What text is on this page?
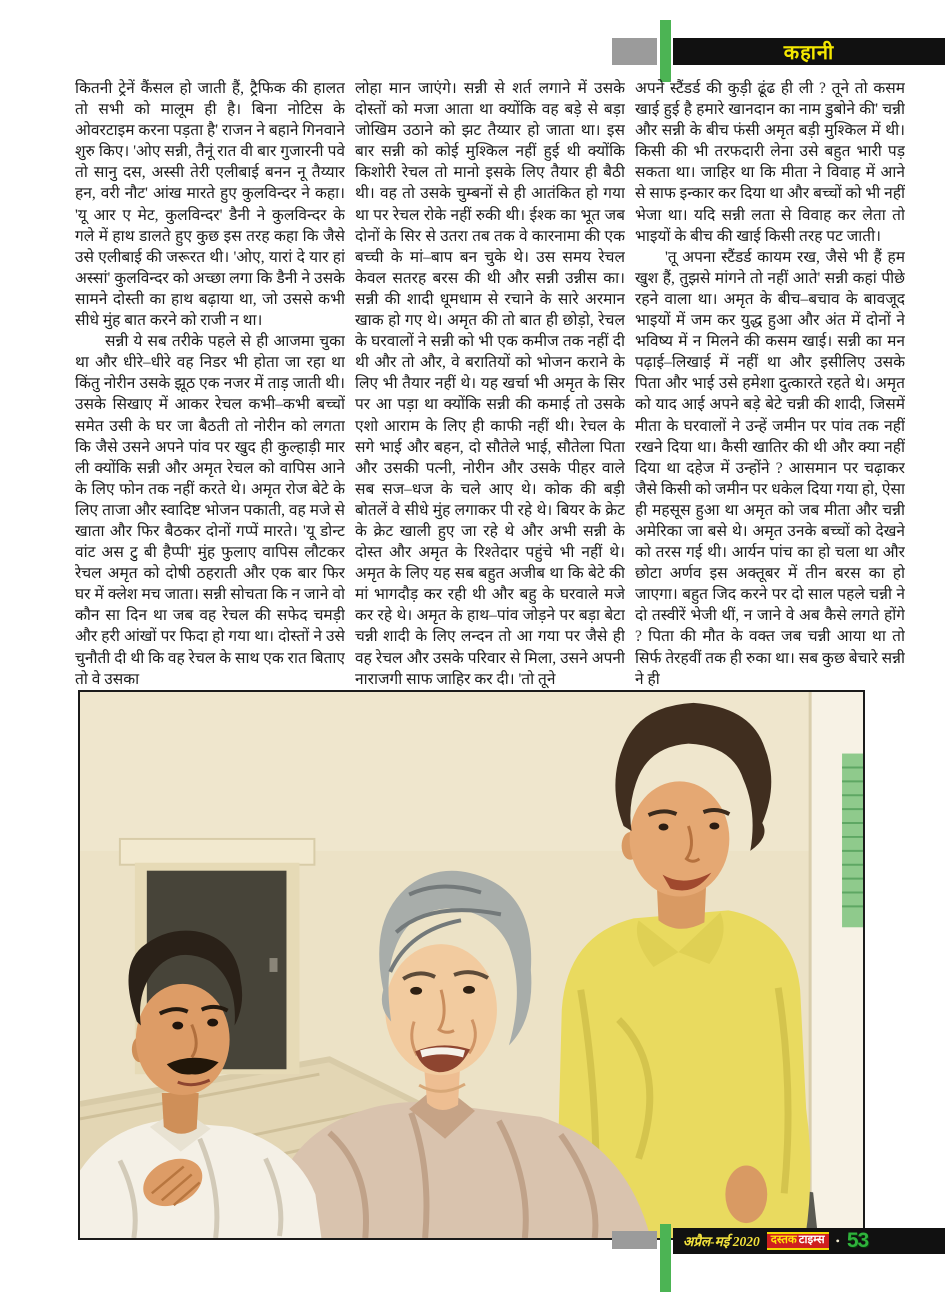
कहानी

कितनी ट्रेनें कैंसल हो जाती हैं, ट्रैफिक की हालत तो सभी को मालूम ही है। बिना नोटिस के ओवरटाइम करना पड़ता है' राजन ने बहाने गिनवाने शुरु किए। 'ओए सन्नी, तैनूं रात वी बार गुजारनी पवे तो सानु दस, अस्सी तेरी एलीबाई बनन नू तैय्यार हन, वरी नौट' आंख मारते हुए कुलविन्दर ने कहा। 'यू आर ए मेट, कुलविन्दर' डैनी ने कुलविन्दर के गले में हाथ डालते हुए कुछ इस तरह कहा कि जैसे उसे एलीबाई की जरूरत थी। 'ओए, यारां दे यार हां अस्सां' कुलविन्दर को अच्छा लगा कि डैनी ने उसके सामने दोस्ती का हाथ बढ़ाया था, जो उससे कभी सीधे मुंह बात करने को राजी न था।

सन्नी ये सब तरीके पहले से ही आजमा चुका था और धीरे–धीरे वह निडर भी होता जा रहा था किंतु नोरीन उसके झूठ एक नजर में ताड़ जाती थी। उसके सिखाए में आकर रेचल कभी–कभी बच्चों समेत उसी के घर जा बैठती तो नोरीन को लगता कि जैसे उसने अपने पांव पर खुद ही कुल्हाड़ी मार ली क्योंकि सन्नी और अमृत रेचल को वापिस आने के लिए फोन तक नहीं करते थे। अमृत रोज बेटे के लिए ताजा और स्वादिष्ट भोजन पकाती, वह मजे से खाता और फिर बैठकर दोनों गप्पें मारते। 'यू डोन्ट वांट अस टु बी हैप्पी' मुंह फुलाए वापिस लौटकर रेचल अमृत को दोषी ठहराती और एक बार फिर घर में क्लेश मच जाता। सन्नी सोचता कि न जाने वो कौन सा दिन था जब वह रेचल की सफेद चमड़ी और हरी आंखों पर फिदा हो गया था। दोस्तों ने उसे चुनौती दी थी कि वह रेचल के साथ एक रात बिताए तो वे उसका

लोहा मान जाएंगे। सन्नी से शर्त लगाने में उसके दोस्तों को मजा आता था क्योंकि वह बड़े से बड़ा जोखिम उठाने को झट तैय्यार हो जाता था। इस बार सन्नी को कोई मुश्किल नहीं हुई थी क्योंकि किशोरी रेचल तो मानो इसके लिए तैयार ही बैठी थी। वह तो उसके चुम्बनों से ही आतंकित हो गया था पर रेचल रोके नहीं रुकी थी। ईश्क का भूत जब दोनों के सिर से उतरा तब तक वे कारनामा की एक बच्ची के मां–बाप बन चुके थे। उस समय रेचल केवल सतरह बरस की थी और सन्नी उन्नीस का। सन्नी की शादी धूमधाम से रचाने के सारे अरमान खाक हो गए थे। अमृत की तो बात ही छोड़ो, रेचल के घरवालों ने सन्नी को भी एक कमीज तक नहीं दी थी और तो और, वे बरातियों को भोजन कराने के लिए भी तैयार नहीं थे। यह खर्चा भी अमृत के सिर पर आ पड़ा था क्योंकि सन्नी की कमाई तो उसके एशो आराम के लिए ही काफी नहीं थी। रेचल के सगे भाई और बहन, दो सौतेले भाई, सौतेला पिता और उसकी पत्नी, नोरीन और उसके पीहर वाले सब सज–धज के चले आए थे। कोक की बड़ी बोतलें वे सीधे मुंह लगाकर पी रहे थे। बियर के क्रेट के क्रेट खाली हुए जा रहे थे और अभी सन्नी के दोस्त और अमृत के रिश्तेदार पहुंचे भी नहीं थे। अमृत के लिए यह सब बहुत अजीब था कि बेटे की मां भागदौड़ कर रही थी और बहु के घरवाले मजे कर रहे थे। अमृत के हाथ–पांव जोड़ने पर बड़ा बेटा चन्नी शादी के लिए लन्दन तो आ गया पर जैसे ही वह रेचल और उसके परिवार से मिला, उसने अपनी नाराजगी साफ जाहिर कर दी। 'तो तूने

अपने स्टैंडर्ड की कुड़ी ढूंढ ही ली ? तूने तो कसम खाई हुई है हमारे खानदान का नाम डुबोने की' चन्नी और सन्नी के बीच फंसी अमृत बड़ी मुश्किल में थी। किसी की भी तरफदारी लेना उसे बहुत भारी पड़ सकता था। जाहिर था कि मीता ने विवाह में आने से साफ इन्कार कर दिया था और बच्चों को भी नहीं भेजा था। यदि सन्नी लता से विवाह कर लेता तो भाइयों के बीच की खाई किसी तरह पट जाती।

'तू अपना स्टैंडर्ड कायम रख, जैसे भी हैं हम खुश हैं, तुझसे मांगने तो नहीं आते' सन्नी कहां पीछे रहने वाला था। अमृत के बीच–बचाव के बावजूद भाइयों में जम कर युद्ध हुआ और अंत में दोनों ने भविष्य में न मिलने की कसम खाई। सन्नी का मन पढ़ाई–लिखाई में नहीं था और इसीलिए उसके पिता और भाई उसे हमेशा दुत्कारते रहते थे। अमृत को याद आई अपने बड़े बेटे चन्नी की शादी, जिसमें मीता के घरवालों ने उन्हें जमीन पर पांव तक नहीं रखने दिया था। कैसी खातिर की थी और क्या नहीं दिया था दहेज में उन्होंने ? आसमान पर चढ़ाकर जैसे किसी को जमीन पर धकेल दिया गया हो, ऐसा ही महसूस हुआ था अमृत को जब मीता और चन्नी अमेरिका जा बसे थे। अमृत उनके बच्चों को देखने को तरस गई थी। आर्यन पांच का हो चला था और छोटा अर्णव इस अक्तूबर में तीन बरस का हो जाएगा। बहुत जिद करने पर दो साल पहले चन्नी ने दो तस्वीरें भेजी थीं, न जाने वे अब कैसे लगते होंगे ? पिता की मौत के वक्त जब चन्नी आया था तो सिर्फ तेरहवीं तक ही रुका था। सब कुछ बेचारे सन्नी ने ही

अप्रैल-मई 2020 दस्तक टाइम्स • 53
